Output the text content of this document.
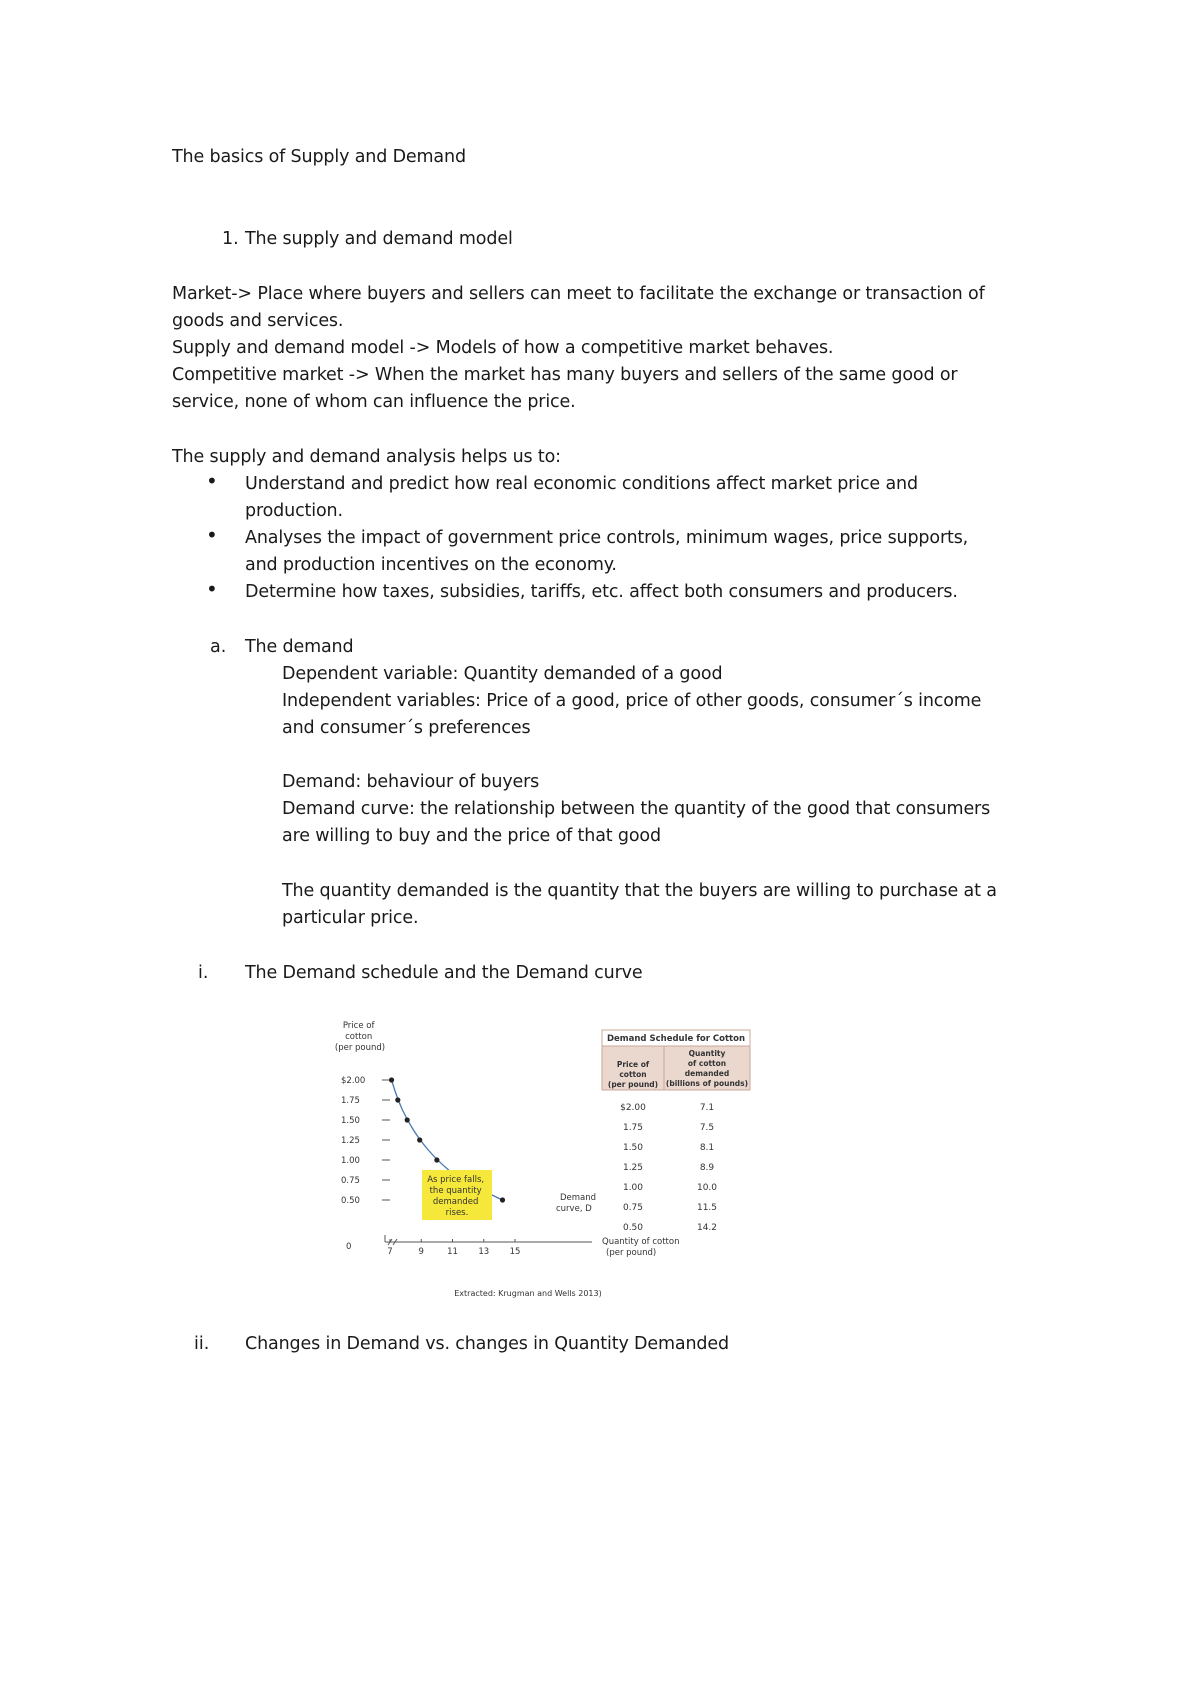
The basics of Supply and Demand
1. The supply and demand model
Market-> Place where buyers and sellers can meet to facilitate the exchange or transaction of
goods and services.
Supply and demand model -> Models of how a competitive market behaves.
Competitive market -> When the market has many buyers and sellers of the same good or
service, none of whom can influence the price.
The supply and demand analysis helps us to:
• Understand and predict how real economic conditions affect market price and
production.
• Analyses the impact of government price controls, minimum wages, price supports,
and production incentives on the economy.
• Determine how taxes, subsidies, tariffs, etc. affect both consumers and producers.
a. The demand
Dependent variable: Quantity demanded of a good
Independent variables: Price of a good, price of other goods, consumer´s income
and consumer´s preferences
Demand: behaviour of buyers
Demand curve: the relationship between the quantity of the good that consumers
are willing to buy and the price of that good
The quantity demanded is the quantity that the buyers are willing to purchase at a
particular price.
i. The Demand schedule and the Demand curve
Price of cotton (per pound)
$2.00
1.75
1.50
1.25
1.00
0.75
0.50
0	7	9	11 13 15
As price falls, the quantity demanded rises.
Demand curve, D
Quantity of cotton (per pound)
Demand Schedule for Cotton
Price of
cotton
(per pound)
Quantity
of cotton
demanded
(billions of pounds)
$2.00	7.1
1.75	7.5
1.50	8.1
1.25	8.9
1.00	10.0
0.75	11.5
0.50	14.2
Extracted: Krugman and Wells 2013)
ii. Changes in Demand vs. changes in Quantity Demanded
